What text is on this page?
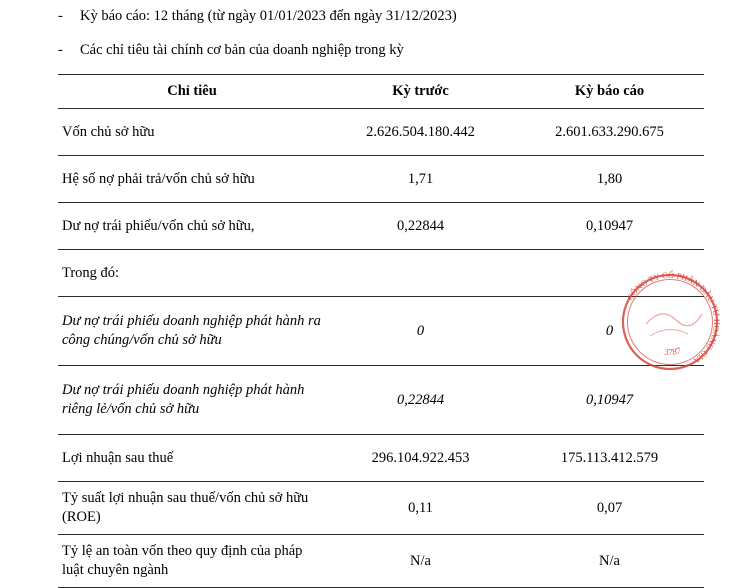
-	Kỳ báo cáo: 12 tháng (từ ngày 01/01/2023 đến ngày 31/12/2023)
-	Các chỉ tiêu tài chính cơ bản của doanh nghiệp trong kỳ
Chỉ tiêu	Kỳ trước	Kỳ báo cáo
Vốn chủ sở hữu	2.626.504.180.442	2.601.633.290.675
Hệ số nợ phải trả/vốn chủ sở hữu	1,71	1,80
Dư nợ trái phiếu/vốn chủ sở hữu,	0,22844	0,10947
Trong đó:		
Dư nợ trái phiếu doanh nghiệp phát hành ra công chúng/vốn chủ sở hữu	0	0
Dư nợ trái phiếu doanh nghiệp phát hành riêng lẻ/vốn chủ sở hữu	0,22844	0,10947
Lợi nhuận sau thuế	296.104.922.453	175.113.412.579
Tỷ suất lợi nhuận sau thuế/vốn chủ sở hữu (ROE)	0,11	0,07
Tỷ lệ an toàn vốn theo quy định của pháp luật chuyên ngành	N/a	N/a
CÔNG TY CỔ PHẦN ĐẦU TƯ HOÀNG GIA
3787
